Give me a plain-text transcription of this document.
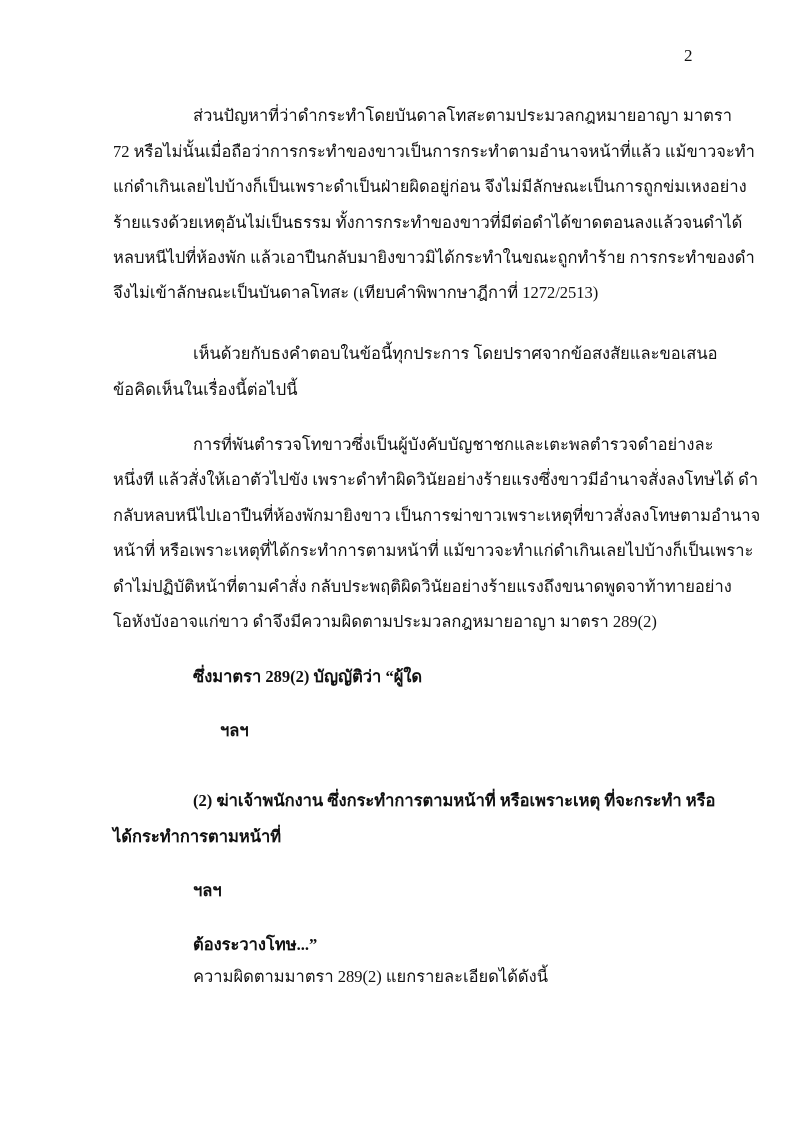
2
ส่วนปัญหาที่ว่าดำกระทำโดยบันดาลโทสะตามประมวลกฎหมายอาญา มาตรา
72 หรือไม่นั้นเมื่อถือว่าการกระทำของขาวเป็นการกระทำตามอำนาจหน้าที่แล้ว แม้ขาวจะทำ
แก่ดำเกินเลยไปบ้างก็เป็นเพราะดำเป็นฝ่ายผิดอยู่ก่อน จึงไม่มีลักษณะเป็นการถูกข่มเหงอย่าง
ร้ายแรงด้วยเหตุอันไม่เป็นธรรม ทั้งการกระทำของขาวที่มีต่อดำได้ขาดตอนลงแล้วจนดำได้
หลบหนีไปที่ห้องพัก แล้วเอาปืนกลับมายิงขาวมิได้กระทำในขณะถูกทำร้าย การกระทำของดำ
จึงไม่เข้าลักษณะเป็นบันดาลโทสะ (เทียบคำพิพากษาฎีกาที่ 1272/2513)
เห็นด้วยกับธงคำตอบในข้อนี้ทุกประการ โดยปราศจากข้อสงสัยและขอเสนอ
ข้อคิดเห็นในเรื่องนี้ต่อไปนี้
การที่พันตำรวจโทขาวซึ่งเป็นผู้บังคับบัญชาชกและเตะพลตำรวจดำอย่างละ
หนึ่งที แล้วสั่งให้เอาตัวไปขัง เพราะดำทำผิดวินัยอย่างร้ายแรงซึ่งขาวมีอำนาจสั่งลงโทษได้ ดำ
กลับหลบหนีไปเอาปืนที่ห้องพักมายิงขาว เป็นการฆ่าขาวเพราะเหตุที่ขาวสั่งลงโทษตามอำนาจ
หน้าที่ หรือเพราะเหตุที่ได้กระทำการตามหน้าที่ แม้ขาวจะทำแก่ดำเกินเลยไปบ้างก็เป็นเพราะ
ดำไม่ปฏิบัติหน้าที่ตามคำสั่ง กลับประพฤติผิดวินัยอย่างร้ายแรงถึงขนาดพูดจาท้าทายอย่าง
โอหังบังอาจแก่ขาว ดำจึงมีความผิดตามประมวลกฎหมายอาญา มาตรา 289(2)
ซึ่งมาตรา 289(2) บัญญัติว่า “ผู้ใด
ฯลฯ
(2) ฆ่าเจ้าพนักงาน ซึ่งกระทำการตามหน้าที่ หรือเพราะเหตุ ที่จะกระทำ หรือ
ได้กระทำการตามหน้าที่
ฯลฯ
ต้องระวางโทษ...”
ความผิดตามมาตรา 289(2) แยกรายละเอียดได้ดังนี้
